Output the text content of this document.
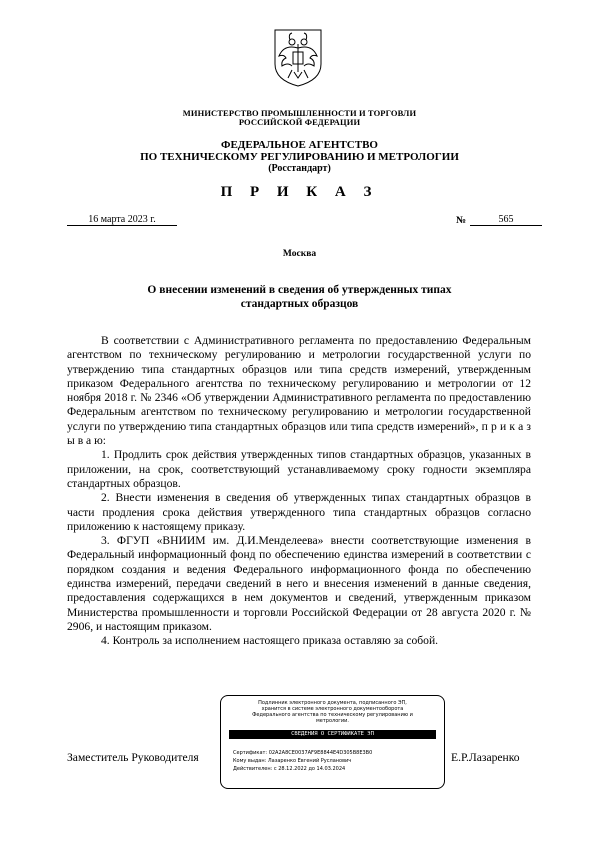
МИНИСТЕРСТВО ПРОМЫШЛЕННОСТИ И ТОРГОВЛИ
РОССИЙСКОЙ ФЕДЕРАЦИИ
ФЕДЕРАЛЬНОЕ АГЕНТСТВО
ПО ТЕХНИЧЕСКОМУ РЕГУЛИРОВАНИЮ И МЕТРОЛОГИИ
(Росстандарт)
П Р И К А З
16 марта 2023 г.	№	565
Москва
О внесении изменений в сведения об утвержденных типах
стандартных образцов

В соответствии с Административного регламента по предоставлению Федеральным агентством по техническому регулированию и метрологии государственной услуги по утверждению типа стандартных образцов или типа средств измерений, утвержденным приказом Федерального агентства по техническому регулированию и метрологии от 12 ноября 2018 г. № 2346 «Об утверждении Административного регламента по предоставлению Федеральным агентством по техническому регулированию и метрологии государственной услуги по утверждению типа стандартных образцов или типа средств измерений», п р и к а з ы в а ю:

1. Продлить срок действия утвержденных типов стандартных образцов, указанных в приложении, на срок, соответствующий устанавливаемому сроку годности экземпляра стандартных образцов.

2. Внести изменения в сведения об утвержденных типах стандартных образцов в части продления срока действия утвержденного типа стандартных образцов согласно приложению к настоящему приказу.

3. ФГУП «ВНИИМ им. Д.И.Менделеева» внести соответствующие изменения в Федеральный информационный фонд по обеспечению единства измерений в соответствии с порядком создания и ведения Федерального информационного фонда по обеспечению единства измерений, передачи сведений в него и внесения изменений в данные сведения, предоставления содержащихся в нем документов и сведений, утвержденным приказом Министерства промышленности и торговли Российской Федерации от 28 августа 2020 г. № 2906, и настоящим приказом.

4. Контроль за исполнением настоящего приказа оставляю за собой.

Заместитель Руководителя	Е.Р.Лазаренко
Подлинник электронного документа, подписанного ЭП,
хранится в системе электронного документооборота
Федерального агентства по техническому регулированию и
метрологии.
СВЕДЕНИЯ О СЕРТИФИКАТЕ ЭП
Сертификат: 02A2A8CE0037AF9E8844E4D305B8E3B0
Кому выдан: Лазаренко Евгений Русланович
Действителен: с 28.12.2022 до 14.03.2024
